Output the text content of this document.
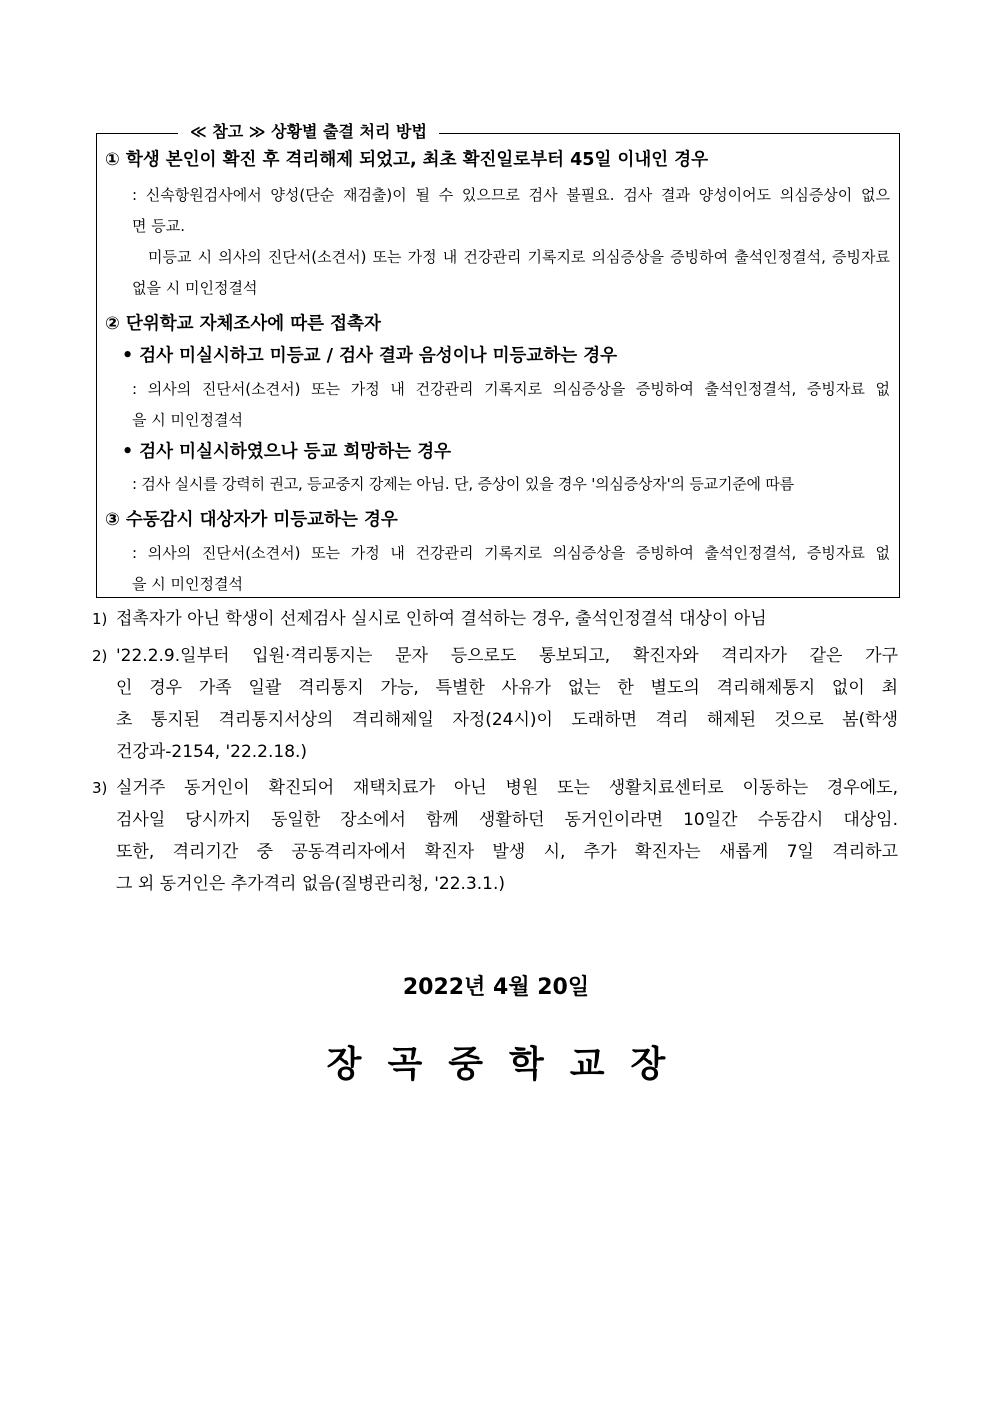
≪ 참고 ≫ 상황별 출결 처리 방법
① 학생 본인이 확진 후 격리해제 되었고, 최초 확진일로부터 45일 이내인 경우
: 신속항원검사에서 양성(단순 재검출)이 될 수 있으므로 검사 불필요. 검사 결과 양성이어도 의심증상이 없으
면 등교.
미등교 시 의사의 진단서(소견서) 또는 가정 내 건강관리 기록지로 의심증상을 증빙하여 출석인정결석, 증빙자료
없을 시 미인정결석
② 단위학교 자체조사에 따른 접촉자
• 검사 미실시하고 미등교 / 검사 결과 음성이나 미등교하는 경우
: 의사의 진단서(소견서) 또는 가정 내 건강관리 기록지로 의심증상을 증빙하여 출석인정결석, 증빙자료 없
을 시 미인정결석
• 검사 미실시하였으나 등교 희망하는 경우
: 검사 실시를 강력히 권고, 등교중지 강제는 아님. 단, 증상이 있을 경우 '의심증상자'의 등교기준에 따름
③ 수동감시 대상자가 미등교하는 경우
: 의사의 진단서(소견서) 또는 가정 내 건강관리 기록지로 의심증상을 증빙하여 출석인정결석, 증빙자료 없
을 시 미인정결석
1) 접촉자가 아닌 학생이 선제검사 실시로 인하여 결석하는 경우, 출석인정결석 대상이 아님
2) '22.2.9.일부터 입원·격리통지는 문자 등으로도 통보되고, 확진자와 격리자가 같은 가구
인 경우 가족 일괄 격리통지 가능, 특별한 사유가 없는 한 별도의 격리해제통지 없이 최
초 통지된 격리통지서상의 격리해제일 자정(24시)이 도래하면 격리 해제된 것으로 봄(학생
건강과-2154, '22.2.18.)
3) 실거주 동거인이 확진되어 재택치료가 아닌 병원 또는 생활치료센터로 이동하는 경우에도,
검사일 당시까지 동일한 장소에서 함께 생활하던 동거인이라면 10일간 수동감시 대상임.
또한, 격리기간 중 공동격리자에서 확진자 발생 시, 추가 확진자는 새롭게 7일 격리하고
그 외 동거인은 추가격리 없음(질병관리청, '22.3.1.)
2022년 4월 20일
장곡중학교장
